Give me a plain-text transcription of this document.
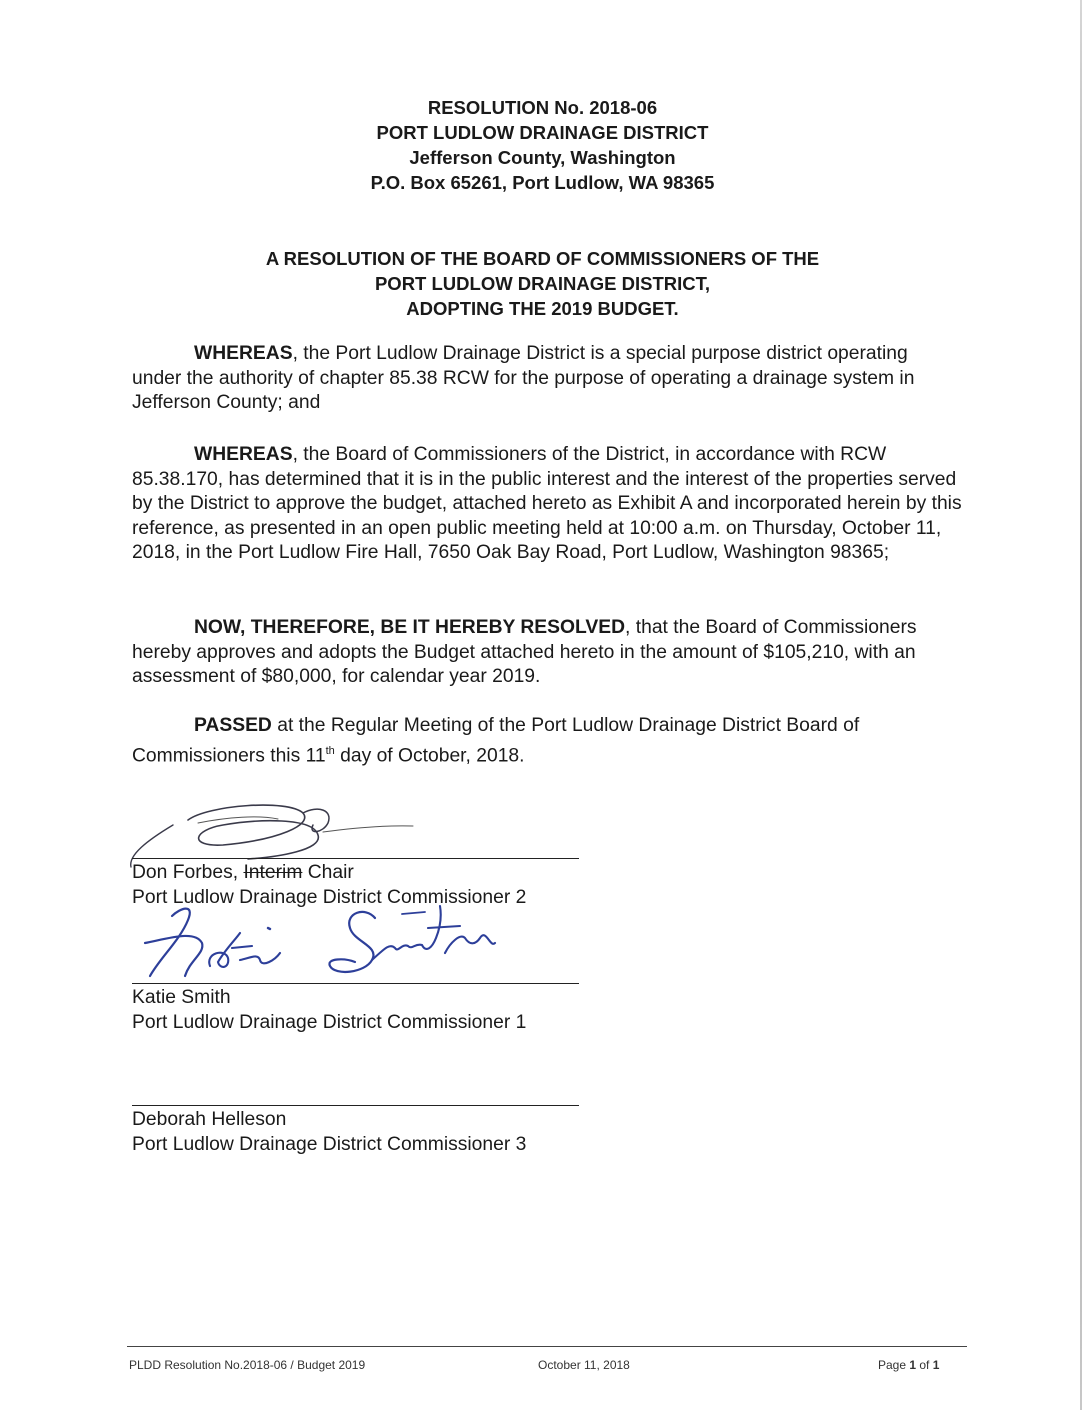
RESOLUTION No. 2018-06
PORT LUDLOW DRAINAGE DISTRICT
Jefferson County, Washington
P.O. Box 65261, Port Ludlow, WA 98365
A RESOLUTION OF THE BOARD OF COMMISSIONERS OF THE
PORT LUDLOW DRAINAGE DISTRICT,
ADOPTING THE 2019 BUDGET.

WHEREAS, the Port Ludlow Drainage District is a special purpose district operating under the authority of chapter 85.38 RCW for the purpose of operating a drainage system in Jefferson County; and

WHEREAS, the Board of Commissioners of the District, in accordance with RCW 85.38.170, has determined that it is in the public interest and the interest of the properties served by the District to approve the budget, attached hereto as Exhibit A and incorporated herein by this reference, as presented in an open public meeting held at 10:00 a.m. on Thursday, October 11, 2018, in the Port Ludlow Fire Hall, 7650 Oak Bay Road, Port Ludlow, Washington 98365;

NOW, THEREFORE, BE IT HEREBY RESOLVED, that the Board of Commissioners hereby approves and adopts the Budget attached hereto in the amount of $105,210, with an assessment of $80,000, for calendar year 2019.

PASSED at the Regular Meeting of the Port Ludlow Drainage District Board of Commissioners this 11th day of October, 2018.

Don Forbes, Interim Chair
Port Ludlow Drainage District Commissioner 2
Katie Smith
Port Ludlow Drainage District Commissioner 1
Deborah Helleson
Port Ludlow Drainage District Commissioner 3
PLDD Resolution No.2018-06 / Budget 2019	October 11, 2018	Page 1 of 1
